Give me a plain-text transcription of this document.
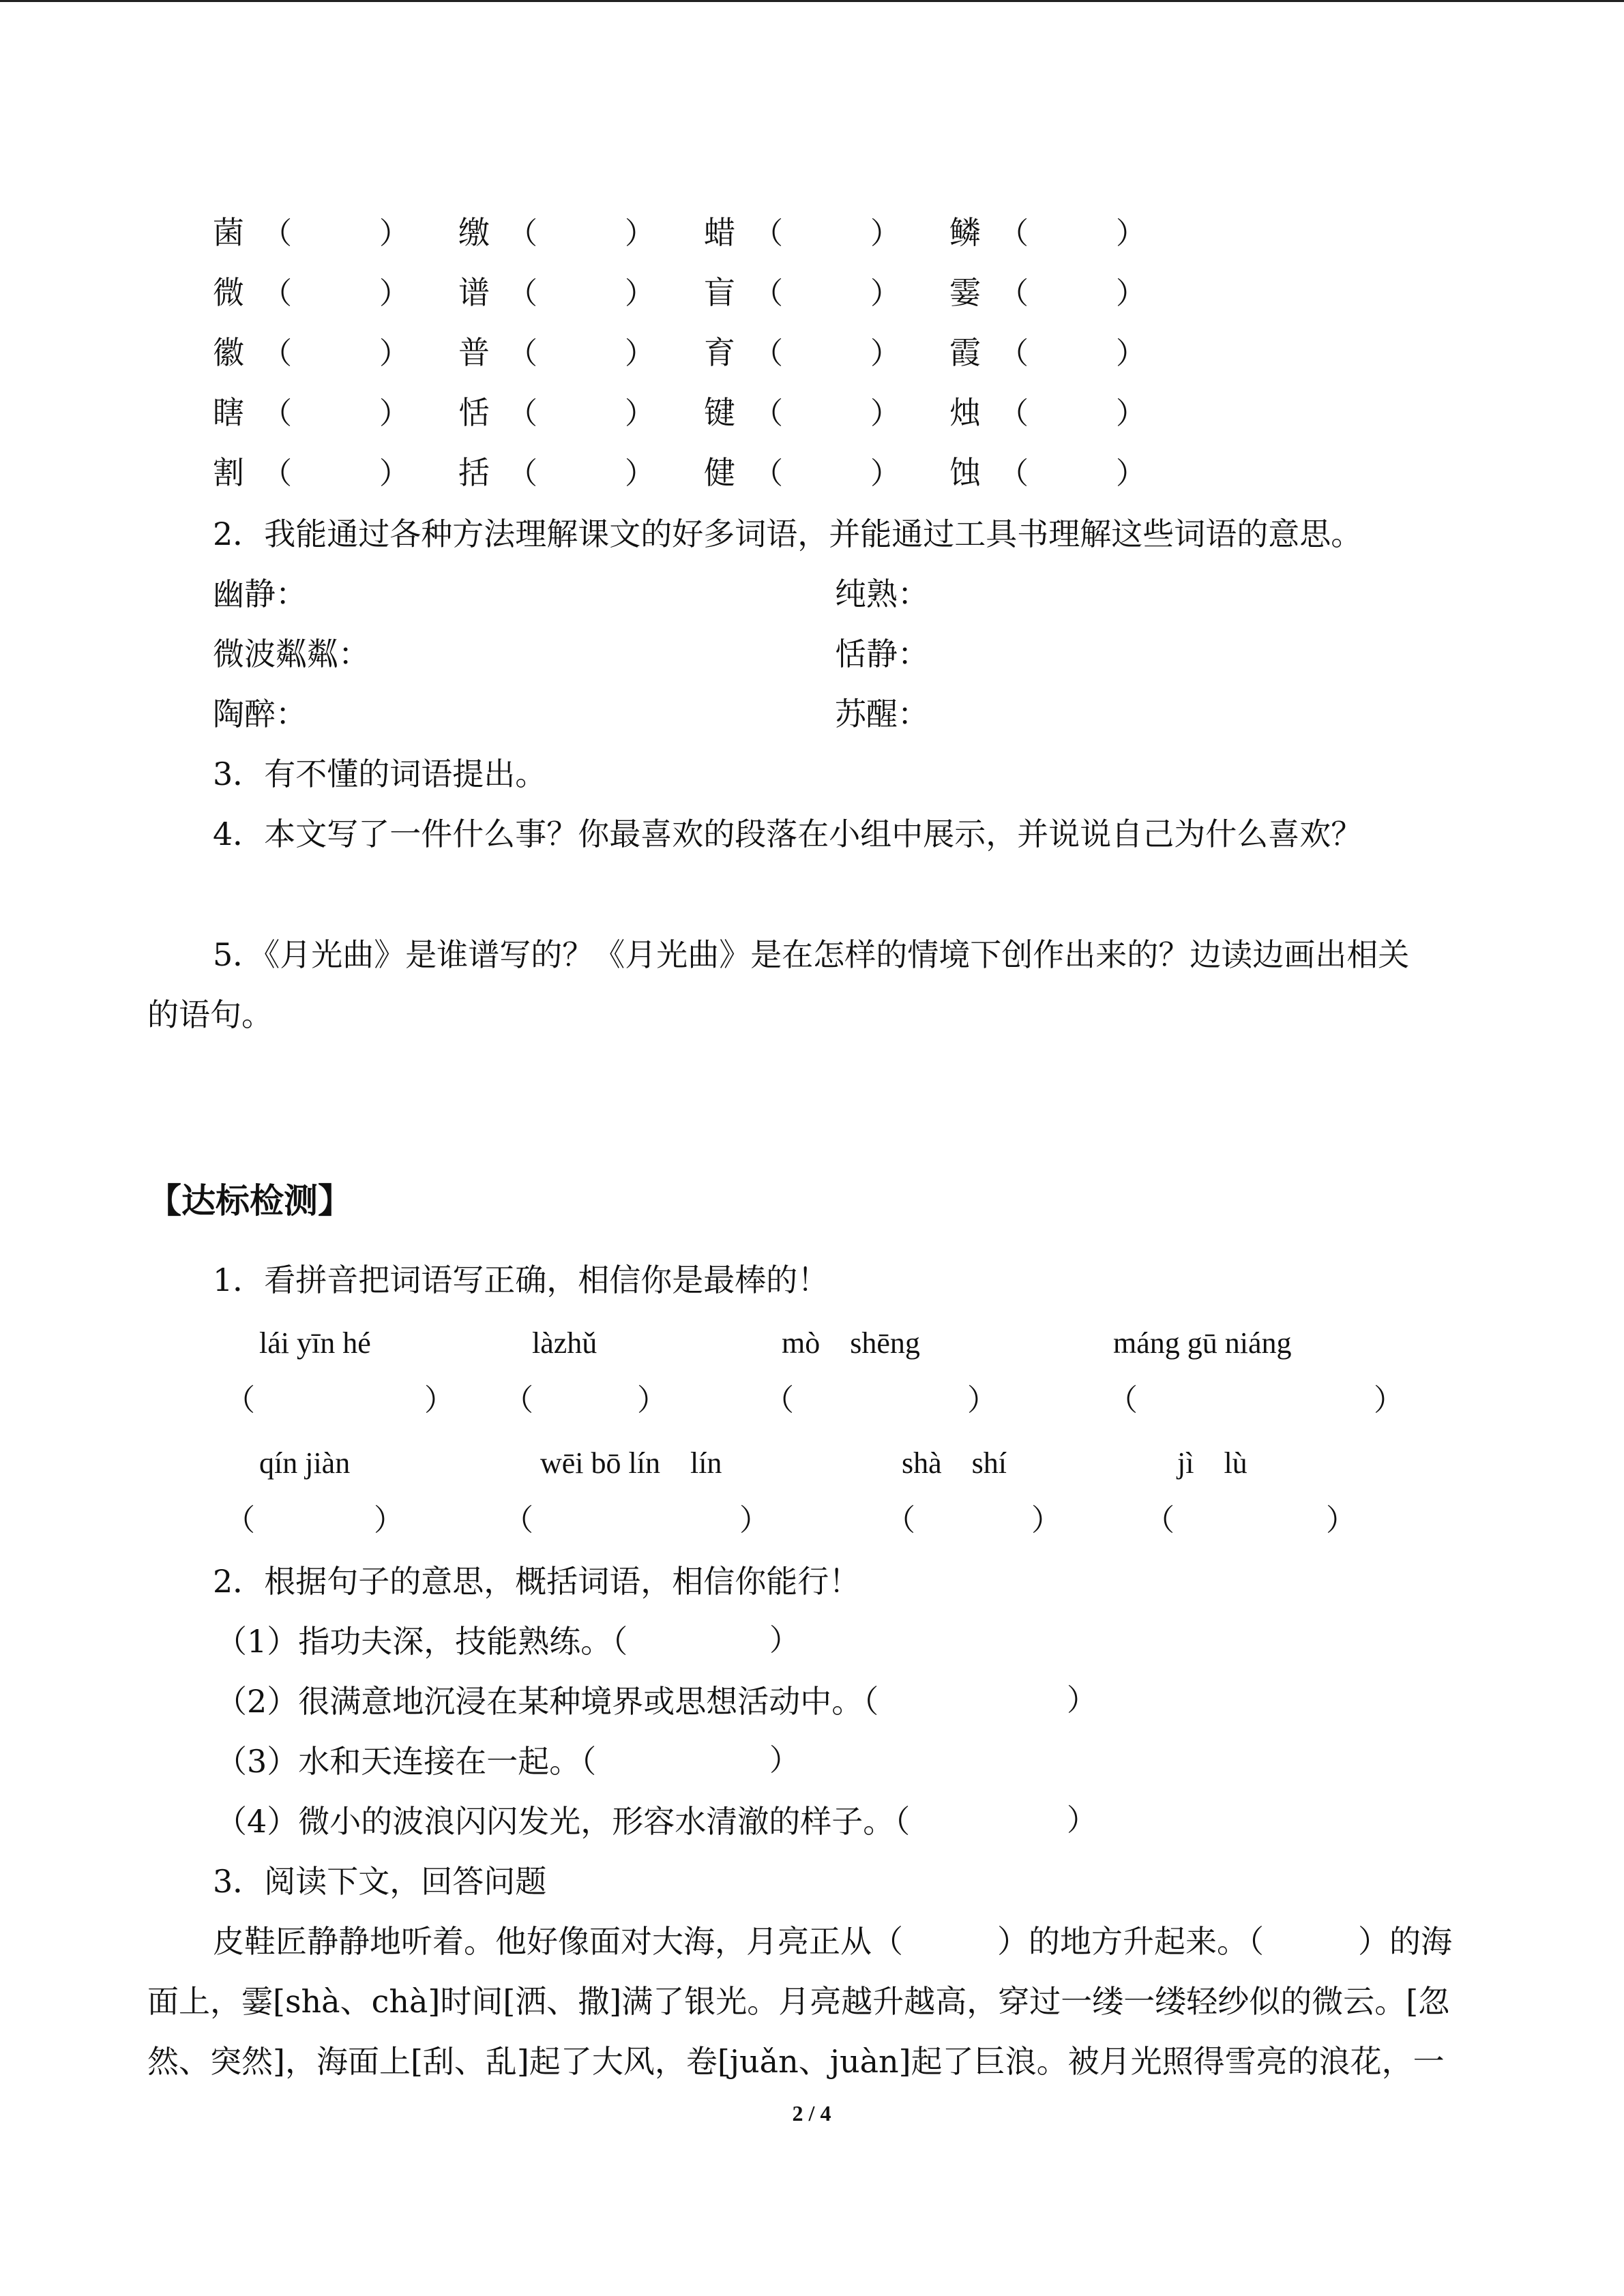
菌 （	） 缴 （	） 蜡 （	） 鳞 （	）
微 （	） 谱 （	） 盲 （	） 霎 （	）
徽 （	） 普 （	） 育 （	） 霞 （	）
瞎 （	） 恬 （	） 键 （	） 烛 （	）
割 （	） 括 （	） 健 （	） 蚀 （	）
2．我能通过各种方法理解课文的好多词语，并能通过工具书理解这些词语的意思。
幽静：	纯熟：
微波粼粼：	恬静：
陶醉：	苏醒：
3．有不懂的词语提出。
4．本文写了一件什么事？你最喜欢的段落在小组中展示，并说说自己为什么喜欢？
5．《月光曲》是谁谱写的？《月光曲》是在怎样的情境下创作出来的？边读边画出相关
的语句。
【达标检测】
1．看拼音把词语写正确，相信你是最棒的！
lái yīn hé	làzhǔ	mò　shēng	máng gū niáng
（	） （	）	（	）	（	）
qín jiàn	wēi bō lín　lín	shà　shí	jì　lù
（	）	（	）	（	）	（	）
2．根据句子的意思，概括词语，相信你能行！
（1）指功夫深，技能熟练。（	）
（2）很满意地沉浸在某种境界或思想活动中。（	）
（3）水和天连接在一起。（	）
（4）微小的波浪闪闪发光，形容水清澈的样子。（	）
3．阅读下文，回答问题
皮鞋匠静静地听着。他好像面对大海，月亮正从（　　　）的地方升起来。（　　　）的海
面上，霎[shà、chà]时间[洒、撒]满了银光。月亮越升越高，穿过一缕一缕轻纱似的微云。[忽
然、突然]，海面上[刮、乱]起了大风，卷[juǎn、juàn]起了巨浪。被月光照得雪亮的浪花，一
2 / 4
